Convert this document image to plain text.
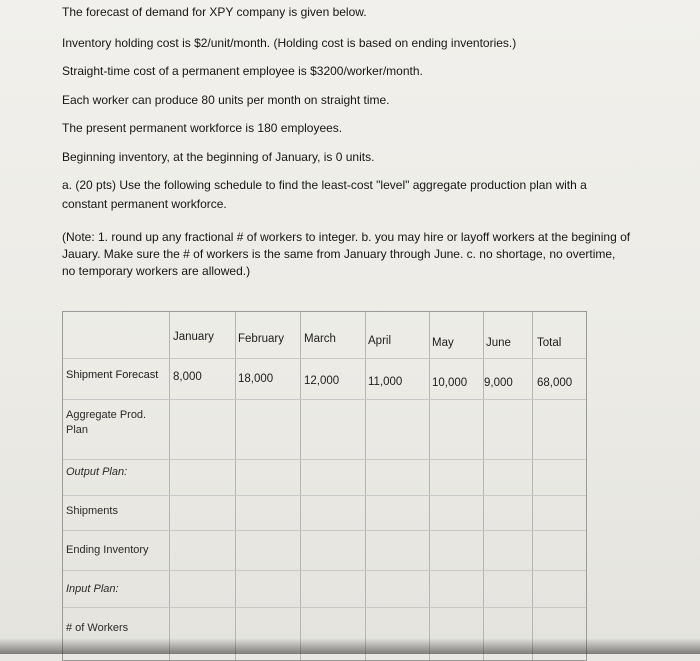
The forecast of demand for XPY company is given below.
Inventory holding cost is $2/unit/month. (Holding cost is based on ending inventories.)
Straight-time cost of a permanent employee is $3200/worker/month.
Each worker can produce 80 units per month on straight time.
The present permanent workforce is 180 employees.
Beginning inventory, at the beginning of January, is 0 units.
a. (20 pts) Use the following schedule to find the least-cost "level" aggregate production plan with a constant permanent workforce.
(Note: 1. round up any fractional # of workers to integer. b. you may hire or layoff workers at the begining of Jauary. Make sure the # of workers is the same from January through June. c. no shortage, no overtime, no temporary workers are allowed.)
January February March	April	May	June Total
Shipment Forecast 8,000	18,000	12,000	11,000	10,000 9,000 68,000
Aggregate Prod.
Plan
Output Plan:
Shipments
Ending Inventory
Input Plan:
# of Workers
